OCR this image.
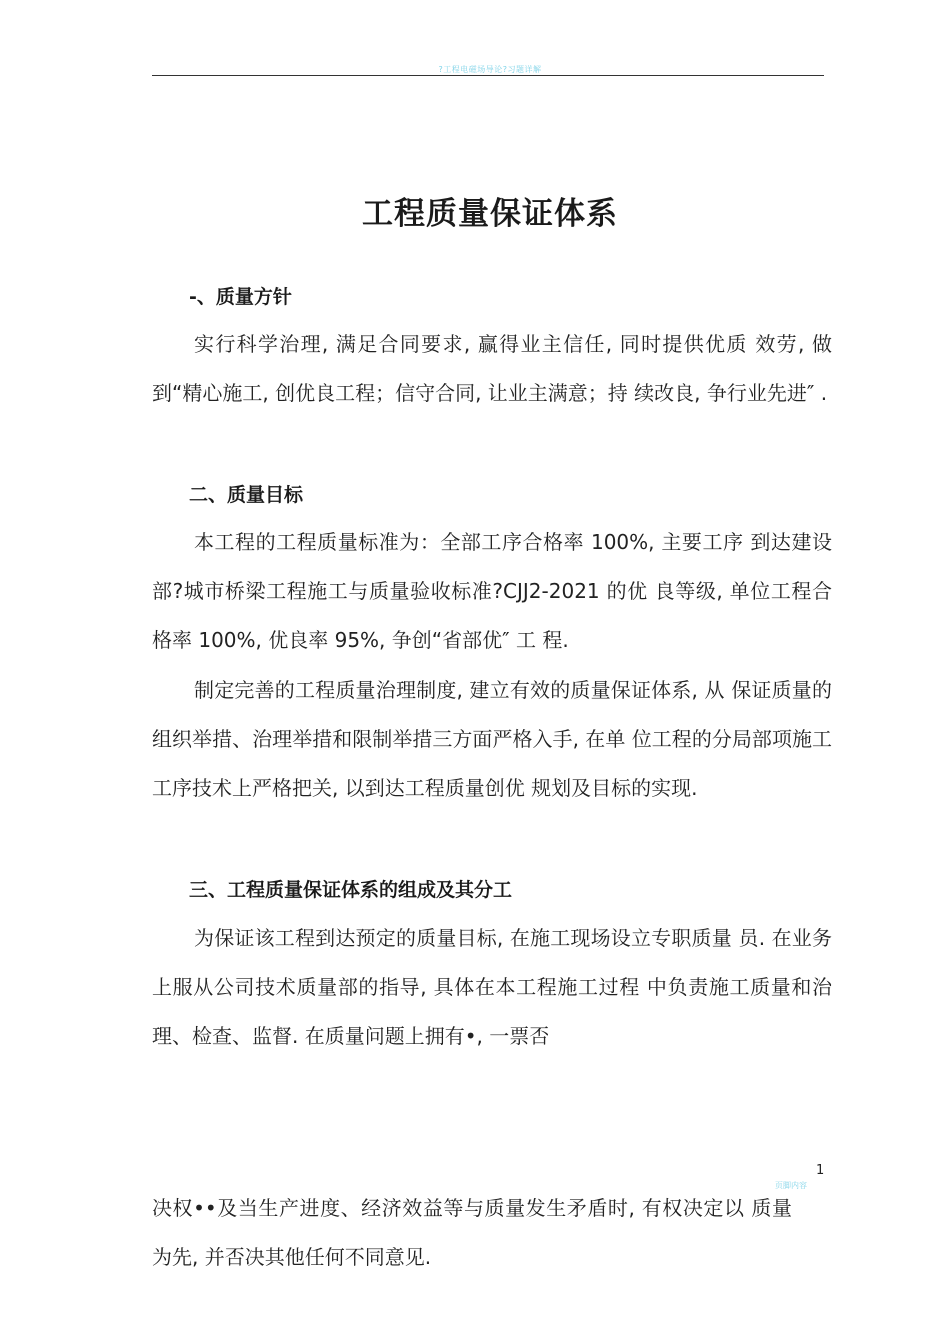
?工程电磁场导论?习题详解
工程质量保证体系
-、质量方针

实行科学治理, 满足合同要求, 赢得业主信任, 同时提供优质 效劳, 做到“精心施工, 创优良工程；信守合同, 让业主满意；持 续改良, 争行业先进″ .

二、质量目标

本工程的工程质量标准为：全部工序合格率 100%, 主要工序 到达建设部?城市桥梁工程施工与质量验收标准?CJJ2-2021 的优 良等级, 单位工程合格率 100%, 优良率 95%, 争创“省部优″ 工 程.

制定完善的工程质量治理制度, 建立有效的质量保证体系, 从 保证质量的组织举措、治理举措和限制举措三方面严格入手, 在单 位工程的分局部项施工工序技术上严格把关, 以到达工程质量创优 规划及目标的实现.

三、工程质量保证体系的组成及其分工

为保证该工程到达预定的质量目标, 在施工现场设立专职质量 员. 在业务上服从公司技术质量部的指导, 具体在本工程施工过程 中负责施工质量和治理、检查、监督. 在质量问题上拥有•, 一票否

1
页脚内容

决权••及当生产进度、经济效益等与质量发生矛盾时, 有权决定以 质量为先, 并否决其他任何不同意见.
